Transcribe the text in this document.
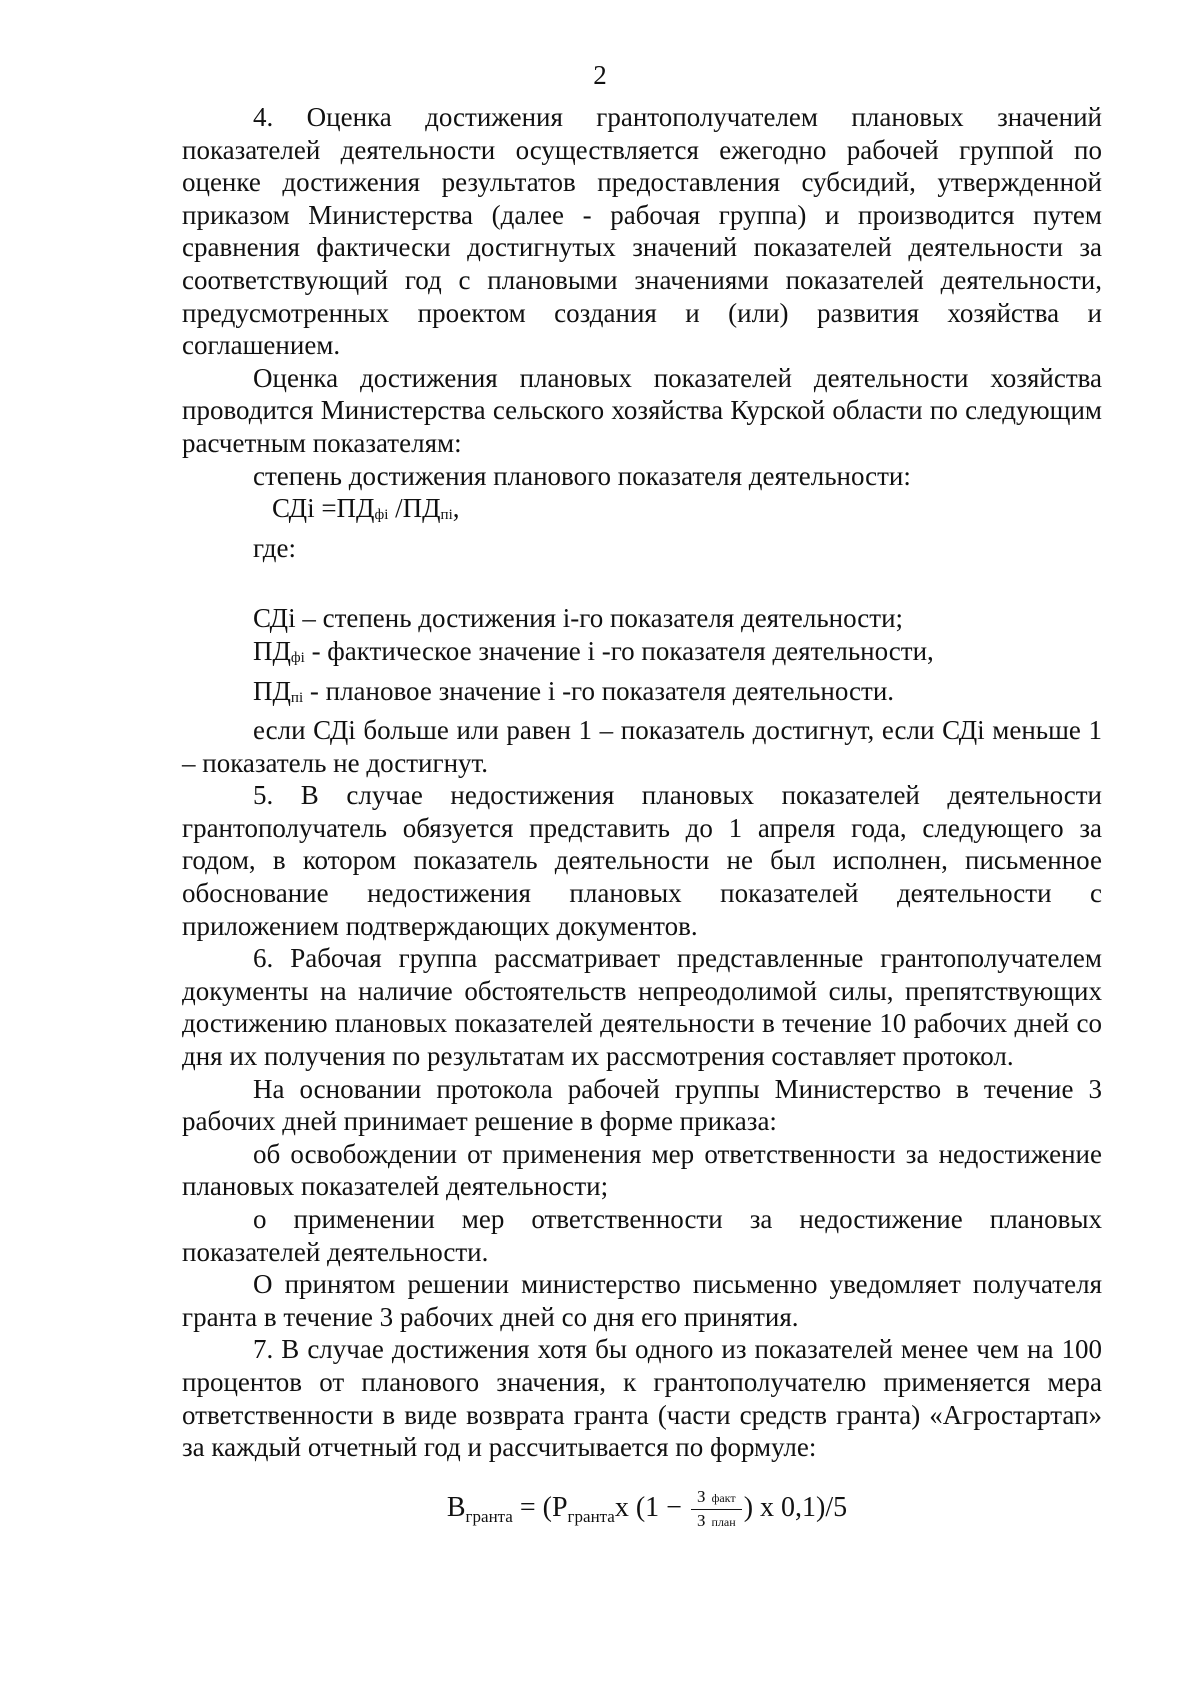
2

4. Оценка достижения грантополучателем плановых значений показателей деятельности осуществляется ежегодно рабочей группой по оценке достижения результатов предоставления субсидий, утвержденной приказом Министерства (далее - рабочая группа) и производится путем сравнения фактически достигнутых значений показателей деятельности за соответствующий год с плановыми значениями показателей деятельности, предусмотренных проектом создания и (или) развития хозяйства и соглашением.

Оценка достижения плановых показателей деятельности хозяйства проводится Министерства сельского хозяйства Курской области по следующим расчетным показателям:

степень достижения планового показателя деятельности:

СДi $=ПД_{фi}$ $/ПД_{пi}$,

где:

СДi – степень достижения i-го показателя деятельности;

$ПД_{фi}$ - фактическое значение i -го показателя деятельности,

$ПД_{пi}$ - плановое значение i -го показателя деятельности.

если СДi больше или равен 1 – показатель достигнут, если СДi меньше 1 – показатель не достигнут.

5. В случае недостижения плановых показателей деятельности грантополучатель обязуется представить до 1 апреля года, следующего за годом, в котором показатель деятельности не был исполнен, письменное обоснование недостижения плановых показателей деятельности с приложением подтверждающих документов.

6. Рабочая группа рассматривает представленные грантополучателем документы на наличие обстоятельств непреодолимой силы, препятствующих достижению плановых показателей деятельности в течение 10 рабочих дней со дня их получения по результатам их рассмотрения составляет протокол.

На основании протокола рабочей группы Министерство в течение 3 рабочих дней принимает решение в форме приказа:

об освобождении от применения мер ответственности за недостижение плановых показателей деятельности;

о применении мер ответственности за недостижение плановых показателей деятельности.

О принятом решении министерство письменно уведомляет получателя гранта в течение 3 рабочих дней со дня его принятия.

7. В случае достижения хотя бы одного из показателей менее чем на 100 процентов от планового значения, к грантополучателю применяется мера ответственности в виде возврата гранта (части средств гранта) «Агростартап» за каждый отчетный год и рассчитывается по формуле:

$В_{гранта} = (Р_{гранта}х$ ($1 - \frac{\text{З факт}}{\text{З план}}$ ) х 0,1)/5
